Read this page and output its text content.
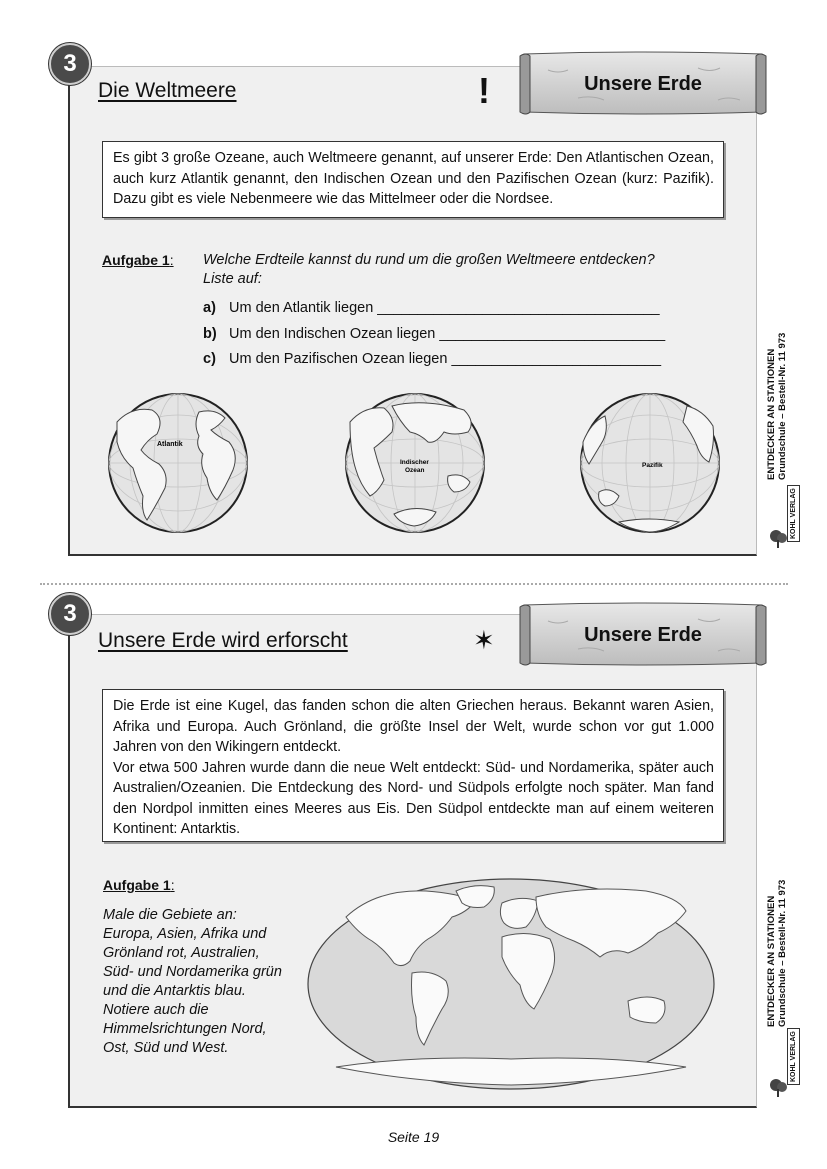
3
Die Weltmeere	!	Unsere Erde

Es gibt 3 große Ozeane, auch Weltmeere genannt, auf unserer Erde: Den Atlantischen Ozean, auch kurz Atlantik genannt, den Indischen Ozean und den Pazifischen Ozean (kurz: Pazifik). Dazu gibt es viele Nebenmeere wie das Mittelmeer oder die Nordsee.

Aufgabe 1: Welche Erdteile kannst du rund um die großen Weltmeere entdecken?
Liste auf:
a) Um den Atlantik liegen ___________________________________
b) Um den Indischen Ozean liegen ____________________________
c) Um den Pazifischen Ozean liegen __________________________
Atlantik
Indischer
Ozean
Pazifik	ENTDECKER AN STATIONEN Grundschule – Bestell-Nr. 11 973
KOHL VERLAG
3
Unsere Erde wird erforscht	✶	Unsere Erde

Die Erde ist eine Kugel, das fanden schon die alten Griechen heraus. Bekannt waren Asien, Afrika und Europa. Auch Grönland, die größte Insel der Welt, wurde schon vor gut 1.000 Jahren von den Wikingern entdeckt.

Vor etwa 500 Jahren wurde dann die neue Welt entdeckt: Süd- und Nordamerika, später auch Australien/Ozeanien. Die Entdeckung des Nord- und Südpols erfolgte noch später. Man fand den Nordpol inmitten eines Meeres aus Eis. Den Südpol entdeckte man auf einem weiteren Kontinent: Antarktis.

Aufgabe 1:
Male die Gebiete an: Europa, Asien, Afrika und Grönland rot, Australien, Süd- und Nordamerika grün und die Antarktis blau. Notiere auch die Himmelsrichtungen Nord, Ost, Süd und West.
ENTDECKER AN STATIONEN Grundschule – Bestell-Nr. 11 973
KOHL VERLAG
Seite 19
